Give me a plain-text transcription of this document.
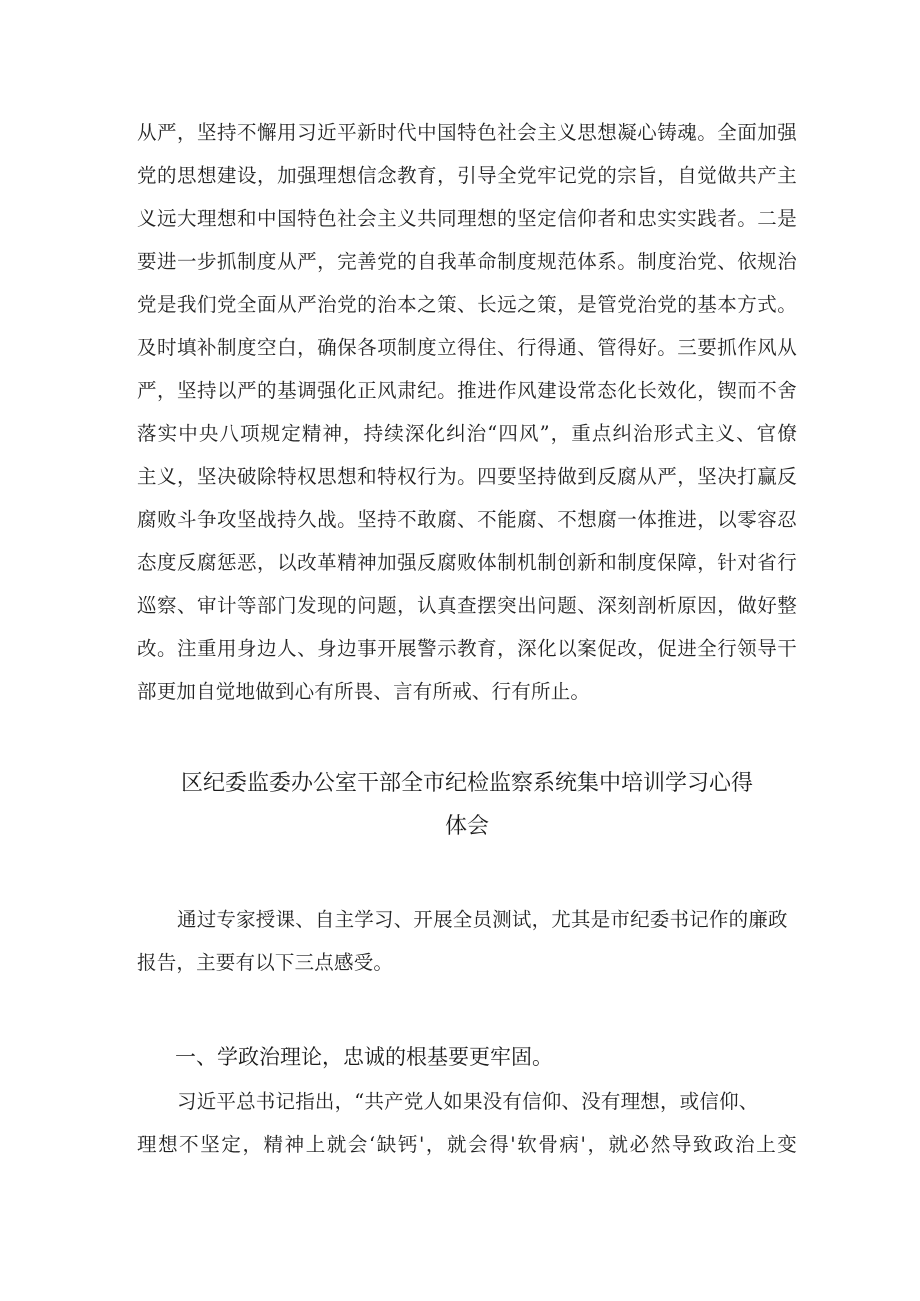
从严，坚持不懈用习近平新时代中国特色社会主义思想凝心铸魂。全面加强
党的思想建设，加强理想信念教育，引导全党牢记党的宗旨，自觉做共产主
义远大理想和中国特色社会主义共同理想的坚定信仰者和忠实实践者。二是
要进一步抓制度从严，完善党的自我革命制度规范体系。制度治党、依规治
党是我们党全面从严治党的治本之策、长远之策，是管党治党的基本方式。
及时填补制度空白，确保各项制度立得住、行得通、管得好。三要抓作风从
严，坚持以严的基调强化正风肃纪。推进作风建设常态化长效化，锲而不舍
落实中央八项规定精神，持续深化纠治“四风”，重点纠治形式主义、官僚
主义，坚决破除特权思想和特权行为。四要坚持做到反腐从严，坚决打赢反
腐败斗争攻坚战持久战。坚持不敢腐、不能腐、不想腐一体推进，以零容忍
态度反腐惩恶，以改革精神加强反腐败体制机制创新和制度保障，针对省行
巡察、审计等部门发现的问题，认真查摆突出问题、深刻剖析原因，做好整
改。注重用身边人、身边事开展警示教育，深化以案促改，促进全行领导干
部更加自觉地做到心有所畏、言有所戒、行有所止。
区纪委监委办公室干部全市纪检监察系统集中培训学习心得
体会
通过专家授课、自主学习、开展全员测试，尤其是市纪委书记作的廉政
报告，主要有以下三点感受。
一、学政治理论，忠诚的根基要更牢固。
习近平总书记指出，“共产党人如果没有信仰、没有理想，或信仰、
理想不坚定，精神上就会‘缺钙'，就会得'软骨病'，就必然导致政治上变
